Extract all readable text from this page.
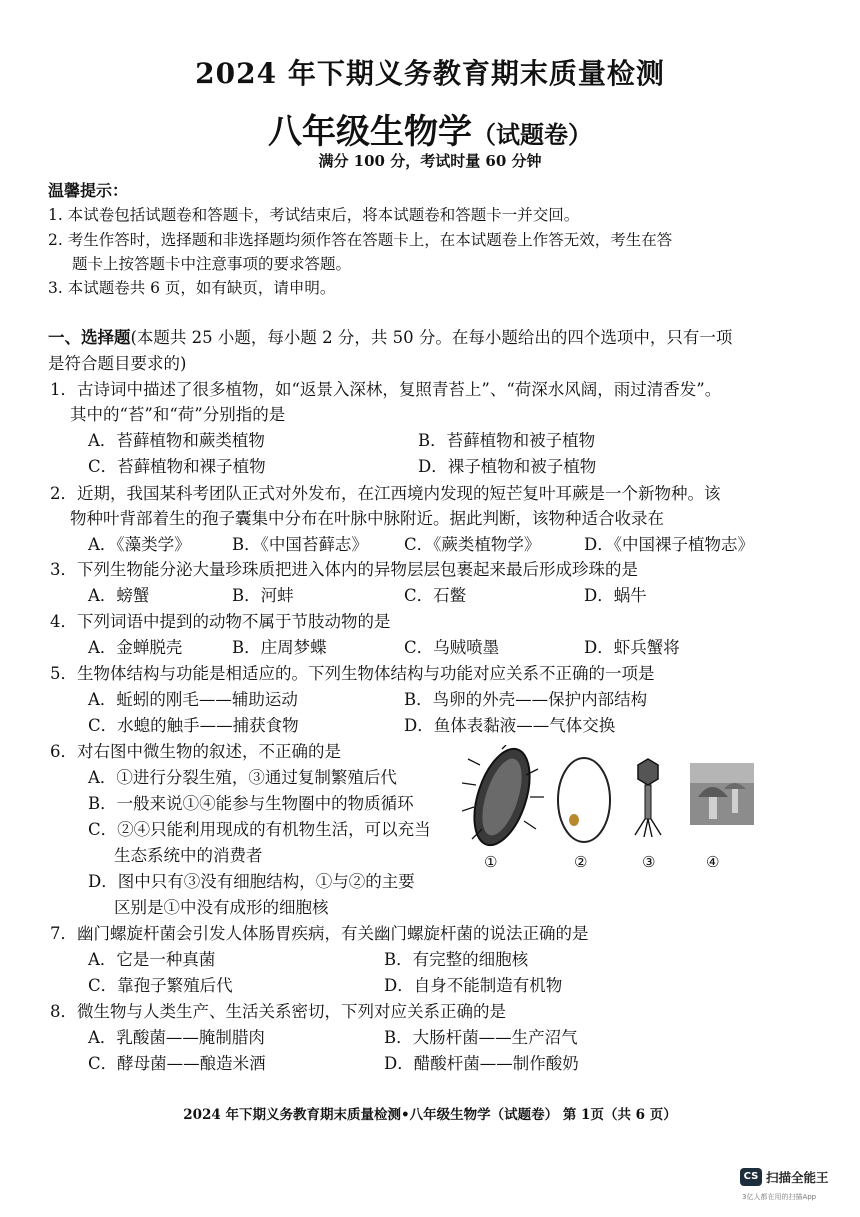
2024 年下期义务教育期末质量检测
八年级生物学（试题卷）
满分 100 分，考试时量 60 分钟
温馨提示：
1. 本试卷包括试题卷和答题卡，考试结束后，将本试题卷和答题卡一并交回。
2. 考生作答时，选择题和非选择题均须作答在答题卡上，在本试题卷上作答无效，考生在答
题卡上按答题卡中注意事项的要求答题。
3. 本试题卷共 6 页，如有缺页，请申明。
一、选择题(本题共 25 小题，每小题 2 分，共 50 分。在每小题给出的四个选项中，只有一项
是符合题目要求的)
1．古诗词中描述了很多植物，如“返景入深林，复照青苔上”、“荷深水风阔，雨过清香发”。
其中的“苔”和“荷”分别指的是
A．苔藓植物和蕨类植物	B．苔藓植物和被子植物
C．苔藓植物和裸子植物	D．裸子植物和被子植物
2．近期，我国某科考团队正式对外发布，在江西境内发现的短芒复叶耳蕨是一个新物种。该
物种叶背部着生的孢子囊集中分布在叶脉中脉附近。据此判断，该物种适合收录在
A．《藻类学》	B．《中国苔藓志》 C．《蕨类植物学》	D．《中国裸子植物志》
3．下列生物能分泌大量珍珠质把进入体内的异物层层包裹起来最后形成珍珠的是
A．螃蟹	B．河蚌	C．石鳖	D．蜗牛
4．下列词语中提到的动物不属于节肢动物的是
A．金蝉脱壳	B．庄周梦蝶	C．乌贼喷墨	D．虾兵蟹将
5．生物体结构与功能是相适应的。下列生物体结构与功能对应关系不正确的一项是
A．蚯蚓的刚毛——辅助运动	B．鸟卵的外壳——保护内部结构
C．水螅的触手——捕获食物	D．鱼体表黏液——气体交换
6．对右图中微生物的叙述，不正确的是
A．①进行分裂生殖，③通过复制繁殖后代
B．一般来说①④能参与生物圈中的物质循环
C．②④只能利用现成的有机物生活，可以充当
生态系统中的消费者
D．图中只有③没有细胞结构，①与②的主要
区别是①中没有成形的细胞核
①	②	③	④
7．幽门螺旋杆菌会引发人体肠胃疾病，有关幽门螺旋杆菌的说法正确的是
A．它是一种真菌	B．有完整的细胞核
C．靠孢子繁殖后代	D．自身不能制造有机物
8．微生物与人类生产、生活关系密切，下列对应关系正确的是
A．乳酸菌——腌制腊肉	B．大肠杆菌——生产沼气
C．酵母菌——酿造米酒	D．醋酸杆菌——制作酸奶
2024 年下期义务教育期末质量检测•八年级生物学（试题卷） 第 1页（共 6 页）
CS 扫描全能王
3亿人都在用的扫描App
